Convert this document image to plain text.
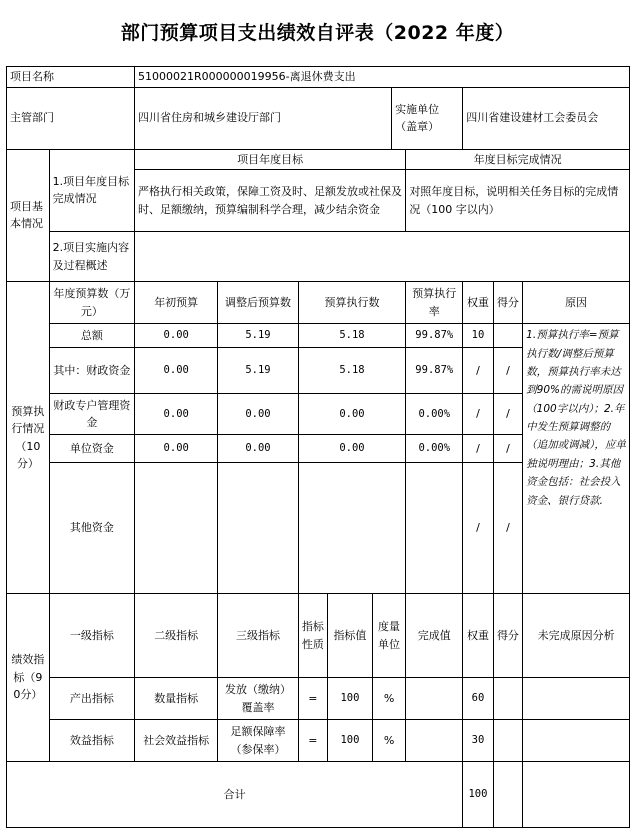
部门预算项目支出绩效自评表（2022 年度）
项目名称		51000021R000000019956-离退休费支出									
主管部门		四川省住房和城乡建设厅部门					实施单位（盖章）		四川省建设建材工会委员会		
项目基本情况	1.项目年度目标完成情况	项目年度目标						年度目标完成情况			
		严格执行相关政策，保障工资及时、足额发放或社保及时、足额缴纳，预算编制科学合理，减少结余资金						对照年度目标，说明相关任务目标的完成情况（100 字以内）			
	2.项目实施内容及过程概述										
预算执行情况（10分）	年度预算数（万元）	年初预算	调整后预算数	预算执行数				预算执行率	权重	得分	原因
	总额	0.00	5.19	5.18				99.87%	10		1.预算执行率=预算执行数/调整后预算数，预算执行率未达到90%的需说明原因（100字以内）；2.年中发生预算调整的（追加或调减），应单独说明理由；3.其他资金包括：社会投入资金、银行贷款.
	其中：财政资金	0.00	5.19	5.18				99.87%	/	/	
	财政专户管理资金	0.00	0.00	0.00				0.00%	/	/	
	单位资金	0.00	0.00	0.00				0.00%	/	/	
	其他资金								/	/	
绩效指标（90分）	一级指标	二级指标	三级指标	指标性质	指标值	度量单位		完成值	权重	得分	未完成原因分析
	产出指标	数量指标	发放（缴纳）覆盖率	=	100	%			60		
	效益指标	社会效益指标	足额保障率（参保率）	=	100	%			30		
合计									100		
